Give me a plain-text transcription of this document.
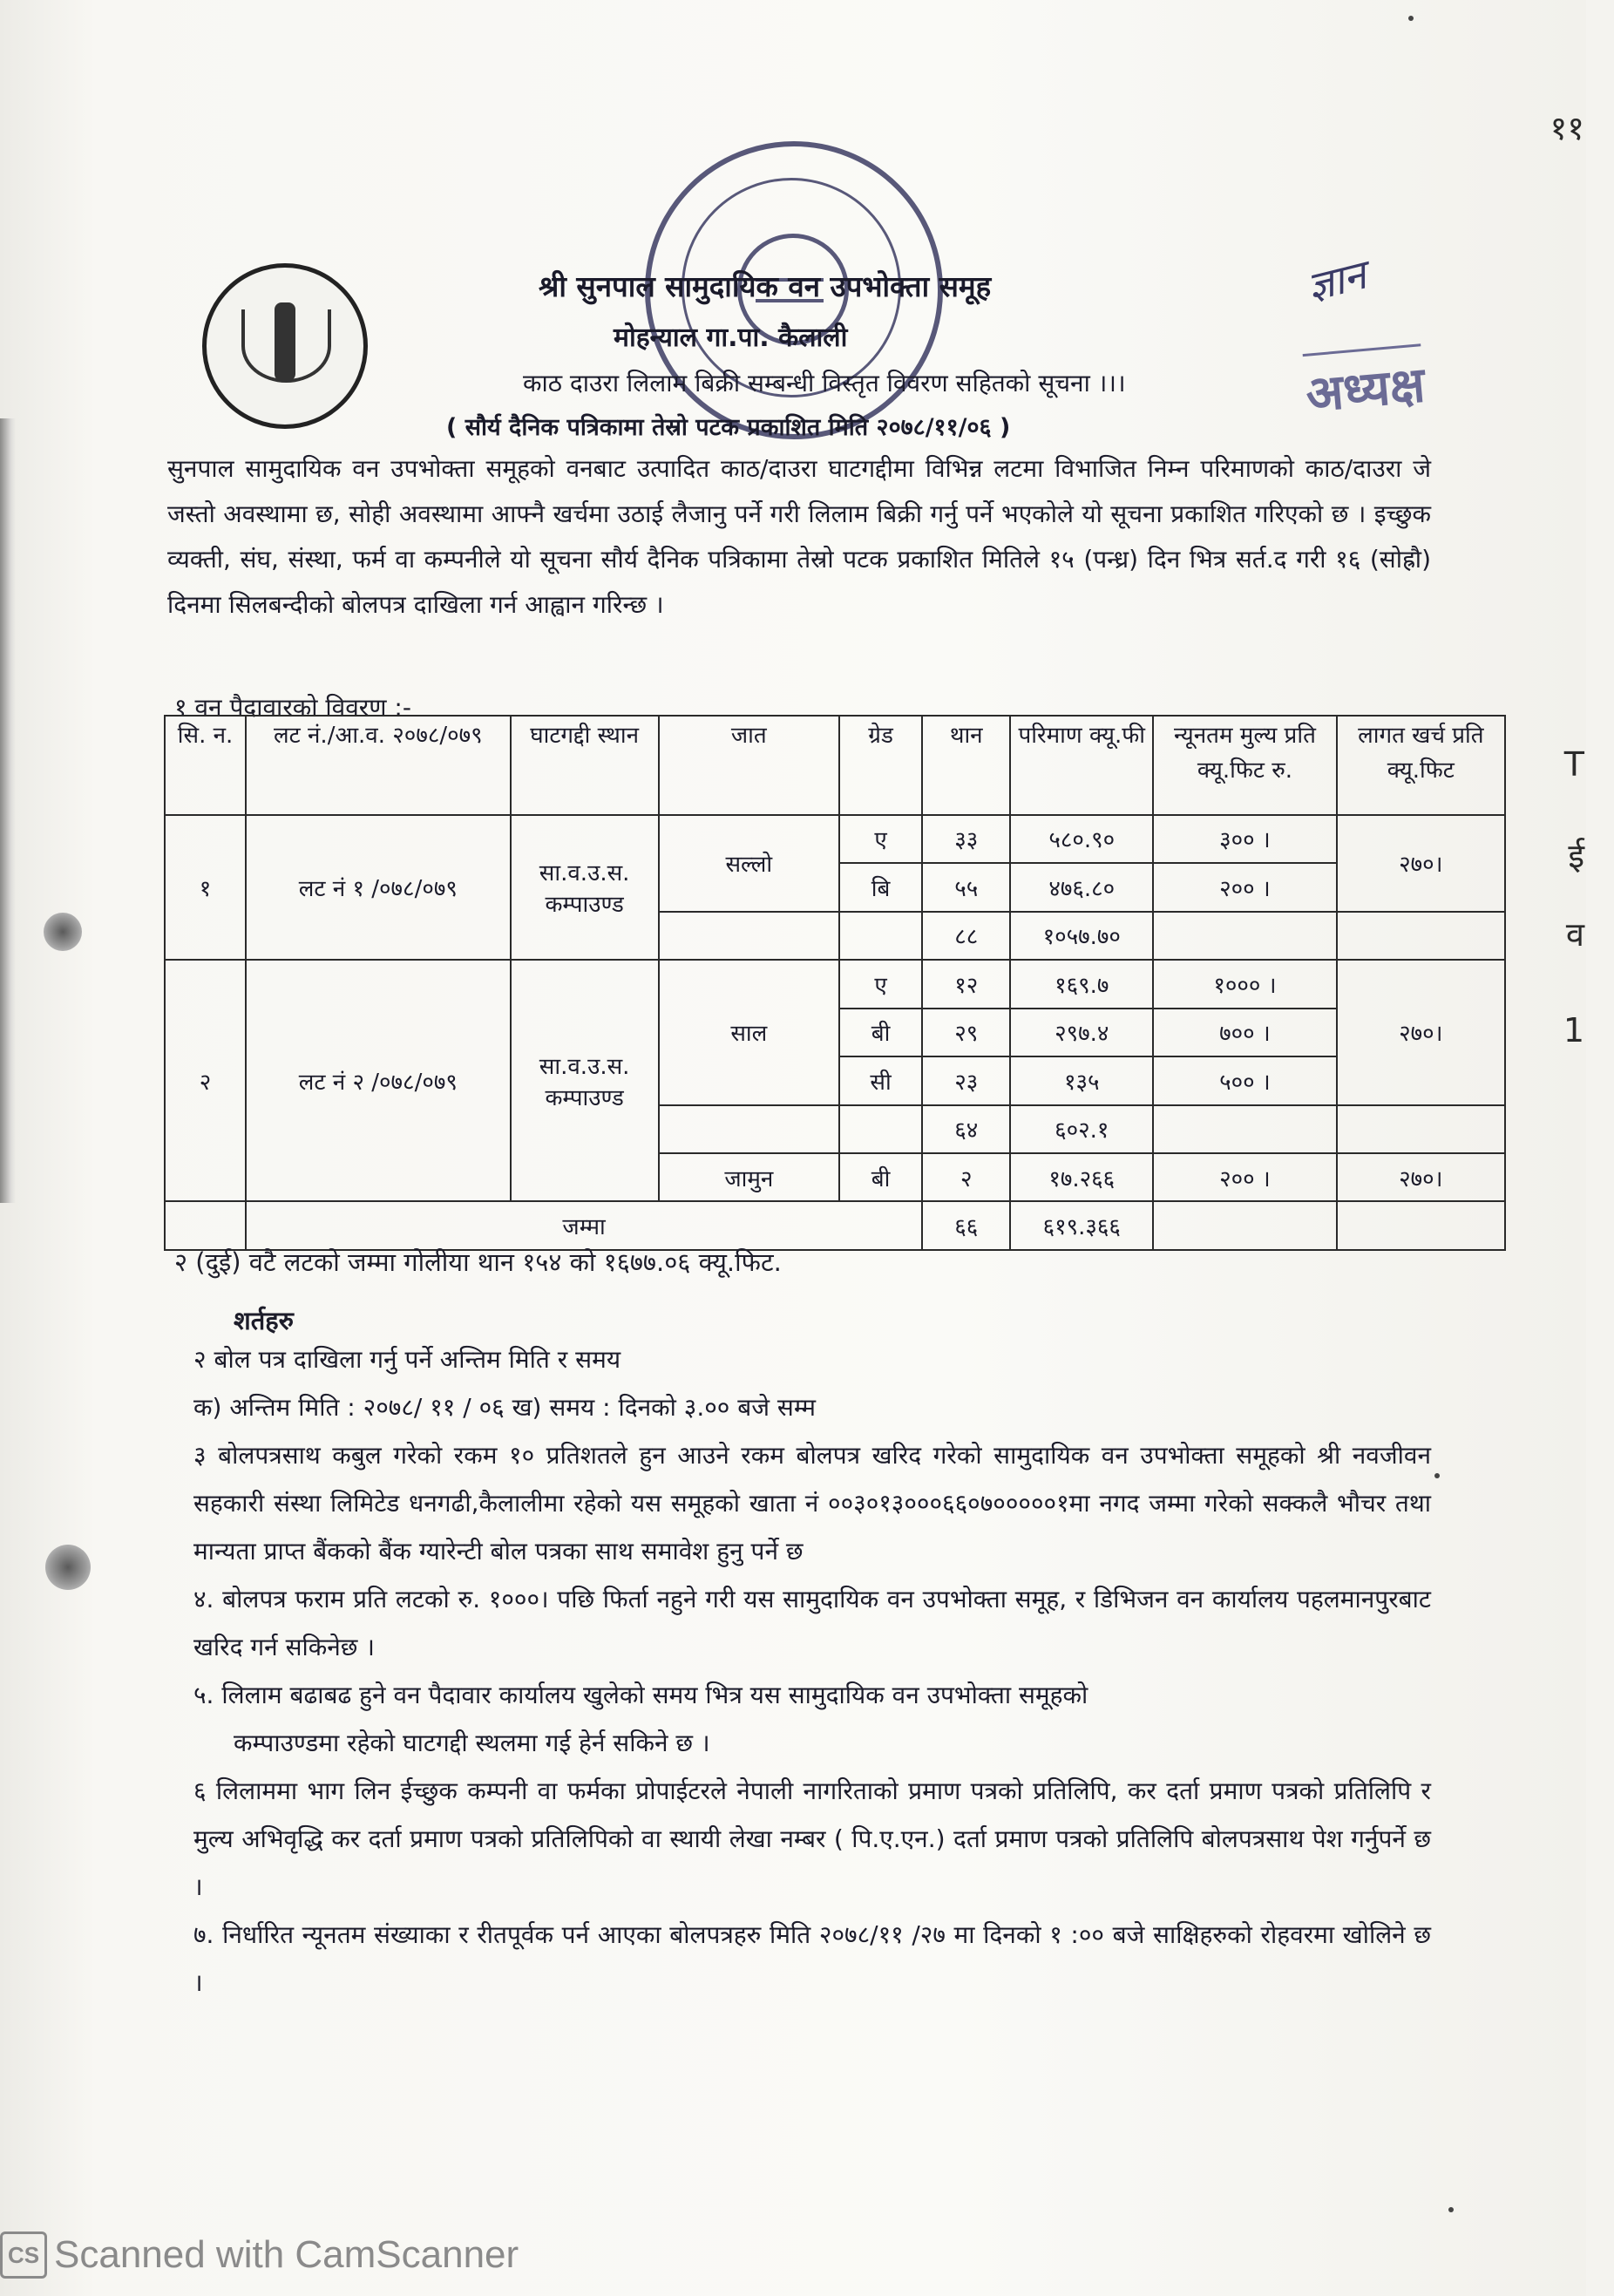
श्री सुनपाल सामुदायिक वन उपभोक्ता समूह
मोहन्याल गा.पा. कैलाली
काठ दाउरा लिलाम बिक्री सम्बन्धी विस्तृत विवरण सहितको सूचना ।।।
( सौर्य दैनिक पत्रिकामा तेस्रो पटक प्रकाशित मिति २०७८/११/०६ )
ज्ञान
अध्यक्ष
११
T
ई
व
1
सुनपाल सामुदायिक वन उपभोक्ता समूहको वनबाट उत्पादित काठ/दाउरा घाटगद्दीमा विभिन्न लटमा विभाजित निम्न परिमाणको काठ/दाउरा जे जस्तो अवस्थामा छ, सोही अवस्थामा आफ्नै खर्चमा उठाई लैजानु पर्ने गरी लिलाम बिक्री गर्नु पर्ने भएकोले यो सूचना प्रकाशित गरिएको छ । इच्छुक व्यक्ती, संघ, संस्था, फर्म वा कम्पनीले यो सूचना सौर्य दैनिक पत्रिकामा तेस्रो पटक प्रकाशित मितिले १५ (पन्ध्र) दिन भित्र सर्त.द गरी १६ (सोह्रौ) दिनमा सिलबन्दीको बोलपत्र दाखिला गर्न आह्वान गरिन्छ ।
१ वन पैदावारको विवरण :-
सि. न.	लट नं./आ.व. २०७८/०७९	घाटगद्दी स्थान	जात	ग्रेड	थान	परिमाण क्यू.फी	न्यूनतम मुल्य प्रति क्यू.फिट रु.	लागत खर्च प्रति क्यू.फिट
१	लट नं १ /०७८/०७९	सा.व.उ.स. कम्पाउण्ड	सल्लो	ए	३३	५८०.९०	३०० ।	२७०।
				बि	५५	४७६.८०	२०० ।	
					८८	१०५७.७०		
२	लट नं २ /०७८/०७९	सा.व.उ.स. कम्पाउण्ड	साल	ए	१२	१६९.७	१००० ।	२७०।
				बी	२९	२९७.४	७०० ।	
				सी	२३	१३५	५०० ।	
					६४	६०२.१		
			जामुन	बी	२	१७.२६६	२०० ।	२७०।
	जम्मा				६६	६१९.३६६		
२ (दुई) वटै लटको जम्मा गोलीया थान १५४ को १६७७.०६ क्यू.फिट.
शर्तहरु

२ बोल पत्र दाखिला गर्नु पर्ने अन्तिम मिति र समय

क) अन्तिम मिति : २०७८/ ११ / ०६ ख) समय : दिनको ३.०० बजे सम्म

३ बोलपत्रसाथ कबुल गरेको रकम १० प्रतिशतले हुन आउने रकम बोलपत्र खरिद गरेको सामुदायिक वन उपभोक्ता समूहको श्री नवजीवन सहकारी संस्था लिमिटेड धनगढी,कैलालीमा रहेको यस समूहको खाता नं ००३०१३०००६६०७०००००१मा नगद जम्मा गरेको सक्कलै भौचर तथा मान्यता प्राप्त बैंकको बैंक ग्यारेन्टी बोल पत्रका साथ समावेश हुनु पर्ने छ

४. बोलपत्र फराम प्रति लटको रु. १०००। पछि फिर्ता नहुने गरी यस सामुदायिक वन उपभोक्ता समूह, र डिभिजन वन कार्यालय पहलमानपुरबाट खरिद गर्न सकिनेछ ।

५. लिलाम बढाबढ हुने वन पैदावार कार्यालय खुलेको समय भित्र यस सामुदायिक वन उपभोक्ता समूहको

कम्पाउण्डमा रहेको घाटगद्दी स्थलमा गई हेर्न सकिने छ ।

६ लिलाममा भाग लिन ईच्छुक कम्पनी वा फर्मका प्रोपाईटरले नेपाली नागरिताको प्रमाण पत्रको प्रतिलिपि, कर दर्ता प्रमाण पत्रको प्रतिलिपि र मुल्य अभिवृद्धि कर दर्ता प्रमाण पत्रको प्रतिलिपिको वा स्थायी लेखा नम्बर ( पि.ए.एन.) दर्ता प्रमाण पत्रको प्रतिलिपि बोलपत्रसाथ पेश गर्नुपर्ने छ ।

७. निर्धारित न्यूनतम संख्याका र रीतपूर्वक पर्न आएका बोलपत्रहरु मिति २०७८/११ /२७ मा दिनको १ :०० बजे साक्षिहरुको रोहवरमा खोलिने छ ।

CS Scanned with CamScanner
